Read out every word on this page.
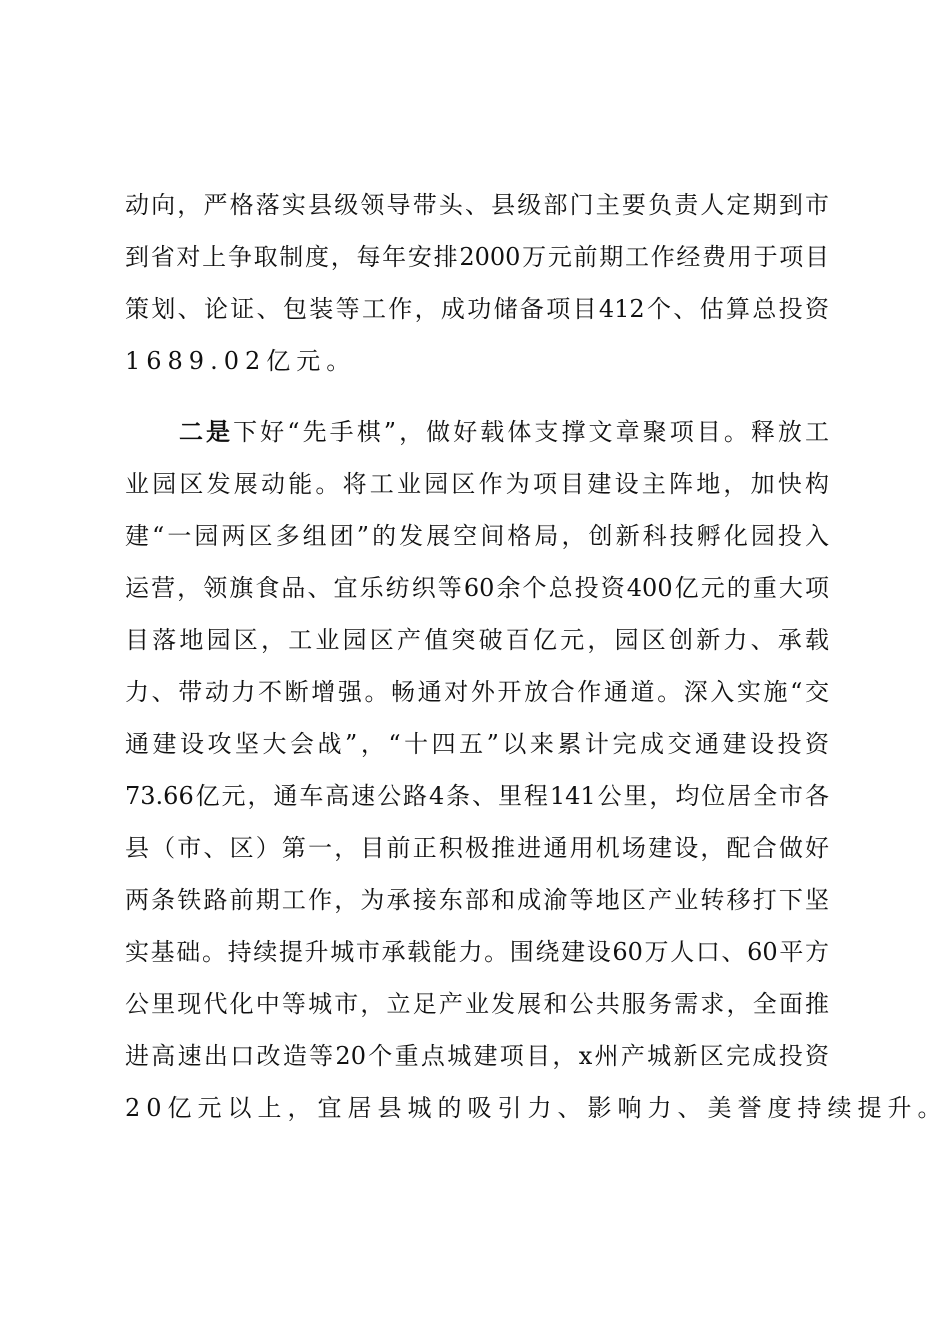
动向，严格落实县级领导带头、县级部门主要负责人定期到市
到省对上争取制度，每年安排2000万元前期工作经费用于项目
策划、论证、包装等工作，成功储备项目412个、估算总投资
1689.02亿元。
二是下好“先手棋”，做好载体支撑文章聚项目。释放工
业园区发展动能。将工业园区作为项目建设主阵地，加快构
建“一园两区多组团”的发展空间格局，创新科技孵化园投入
运营，领旗食品、宜乐纺织等60余个总投资400亿元的重大项
目落地园区，工业园区产值突破百亿元，园区创新力、承载
力、带动力不断增强。畅通对外开放合作通道。深入实施“交
通建设攻坚大会战”，“十四五”以来累计完成交通建设投资
73.66亿元，通车高速公路4条、里程141公里，均位居全市各
县（市、区）第一，目前正积极推进通用机场建设，配合做好
两条铁路前期工作，为承接东部和成渝等地区产业转移打下坚
实基础。持续提升城市承载能力。围绕建设60万人口、60平方
公里现代化中等城市，立足产业发展和公共服务需求，全面推
进高速出口改造等20个重点城建项目，x州产城新区完成投资
20亿元以上，宜居县城的吸引力、影响力、美誉度持续提升。
